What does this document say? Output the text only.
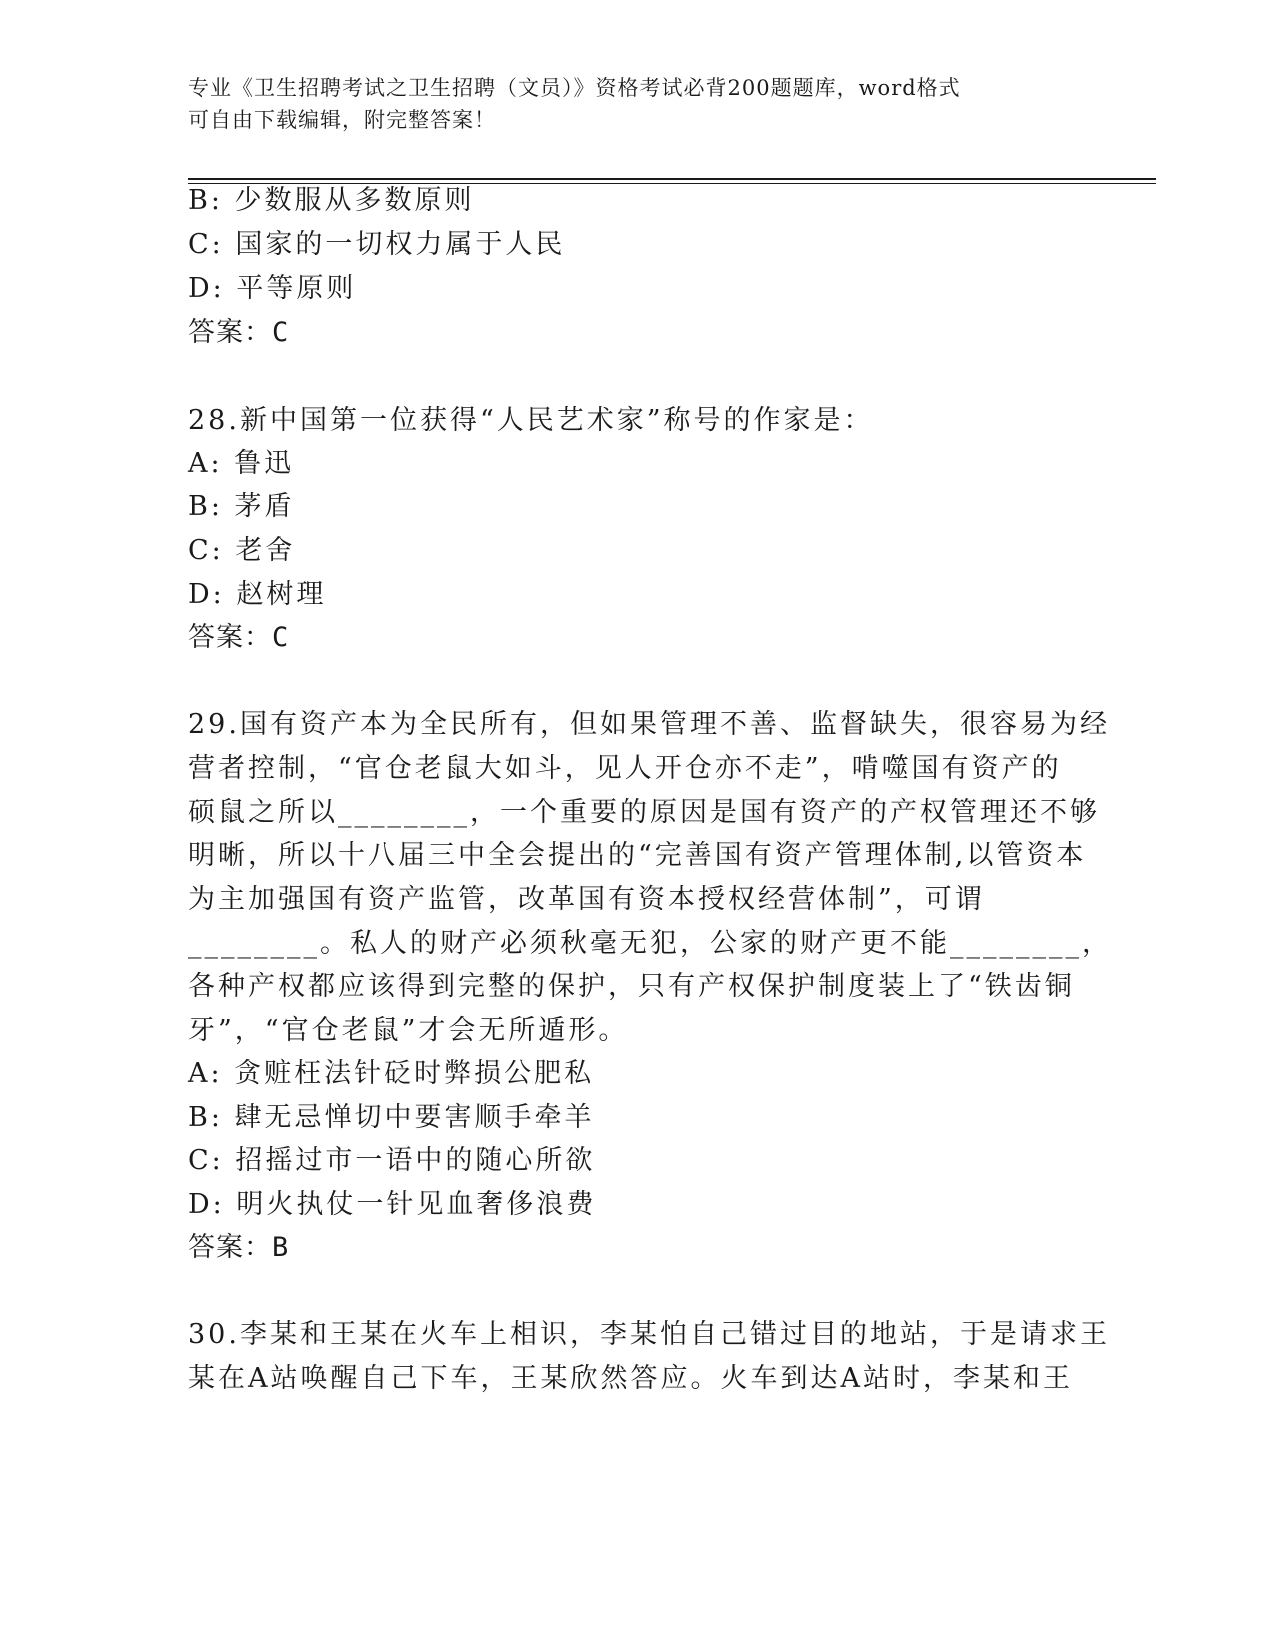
专业《卫生招聘考试之卫生招聘（文员）》资格考试必背200题题库，word格式
可自由下载编辑，附完整答案！
B: 少数服从多数原则
C: 国家的一切权力属于人民
D: 平等原则
答案：C
28.新中国第一位获得“人民艺术家”称号的作家是：
A: 鲁迅
B: 茅盾
C: 老舍
D: 赵树理
答案：C
29.国有资产本为全民所有，但如果管理不善、监督缺失，很容易为经
营者控制，“官仓老鼠大如斗，见人开仓亦不走”，啃噬国有资产的
硕鼠之所以________，一个重要的原因是国有资产的产权管理还不够
明晰，所以十八届三中全会提出的“完善国有资产管理体制,以管资本
为主加强国有资产监管，改革国有资本授权经营体制”，可谓
________。私人的财产必须秋毫无犯，公家的财产更不能________，
各种产权都应该得到完整的保护，只有产权保护制度装上了“铁齿铜
牙”，“官仓老鼠”才会无所遁形。
A: 贪赃枉法针砭时弊损公肥私
B: 肆无忌惮切中要害顺手牵羊
C: 招摇过市一语中的随心所欲
D: 明火执仗一针见血奢侈浪费
答案：B
30.李某和王某在火车上相识，李某怕自己错过目的地站，于是请求王
某在A站唤醒自己下车，王某欣然答应。火车到达A站时，李某和王
